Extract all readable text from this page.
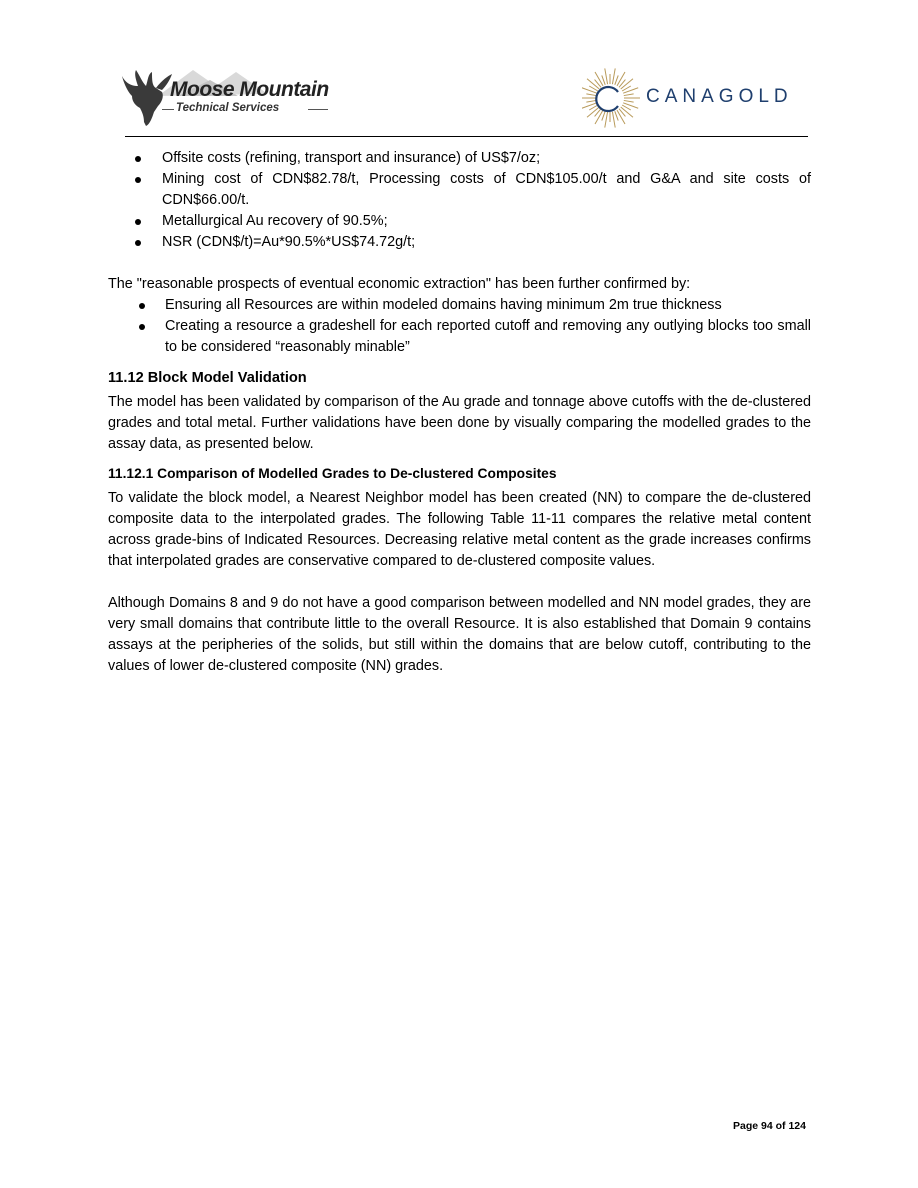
Moose Mountain
Technical Services
CANAGOLD
Offsite costs (refining, transport and insurance) of US$7/oz;
Mining cost of CDN$82.78/t, Processing costs of CDN$105.00/t and G&A and site costs of CDN$66.00/t.
Metallurgical Au recovery of 90.5%;
NSR (CDN$/t)=Au*90.5%*US$74.72g/t;

The "reasonable prospects of eventual economic extraction" has been further confirmed by:

Ensuring all Resources are within modeled domains having minimum 2m true thickness
Creating a resource a gradeshell for each reported cutoff and removing any outlying blocks too small to be considered “reasonably minable”
11.12 Block Model Validation

The model has been validated by comparison of the Au grade and tonnage above cutoffs with the de-clustered grades and total metal. Further validations have been done by visually comparing the modelled grades to the assay data, as presented below.

11.12.1 Comparison of Modelled Grades to De-clustered Composites

To validate the block model, a Nearest Neighbor model has been created (NN) to compare the de-clustered composite data to the interpolated grades. The following Table 11-11 compares the relative metal content across grade-bins of Indicated Resources. Decreasing relative metal content as the grade increases confirms that interpolated grades are conservative compared to de-clustered composite values.

Although Domains 8 and 9 do not have a good comparison between modelled and NN model grades, they are very small domains that contribute little to the overall Resource. It is also established that Domain 9 contains assays at the peripheries of the solids, but still within the domains that are below cutoff, contributing to the values of lower de-clustered composite (NN) grades.

Page 94 of 124
